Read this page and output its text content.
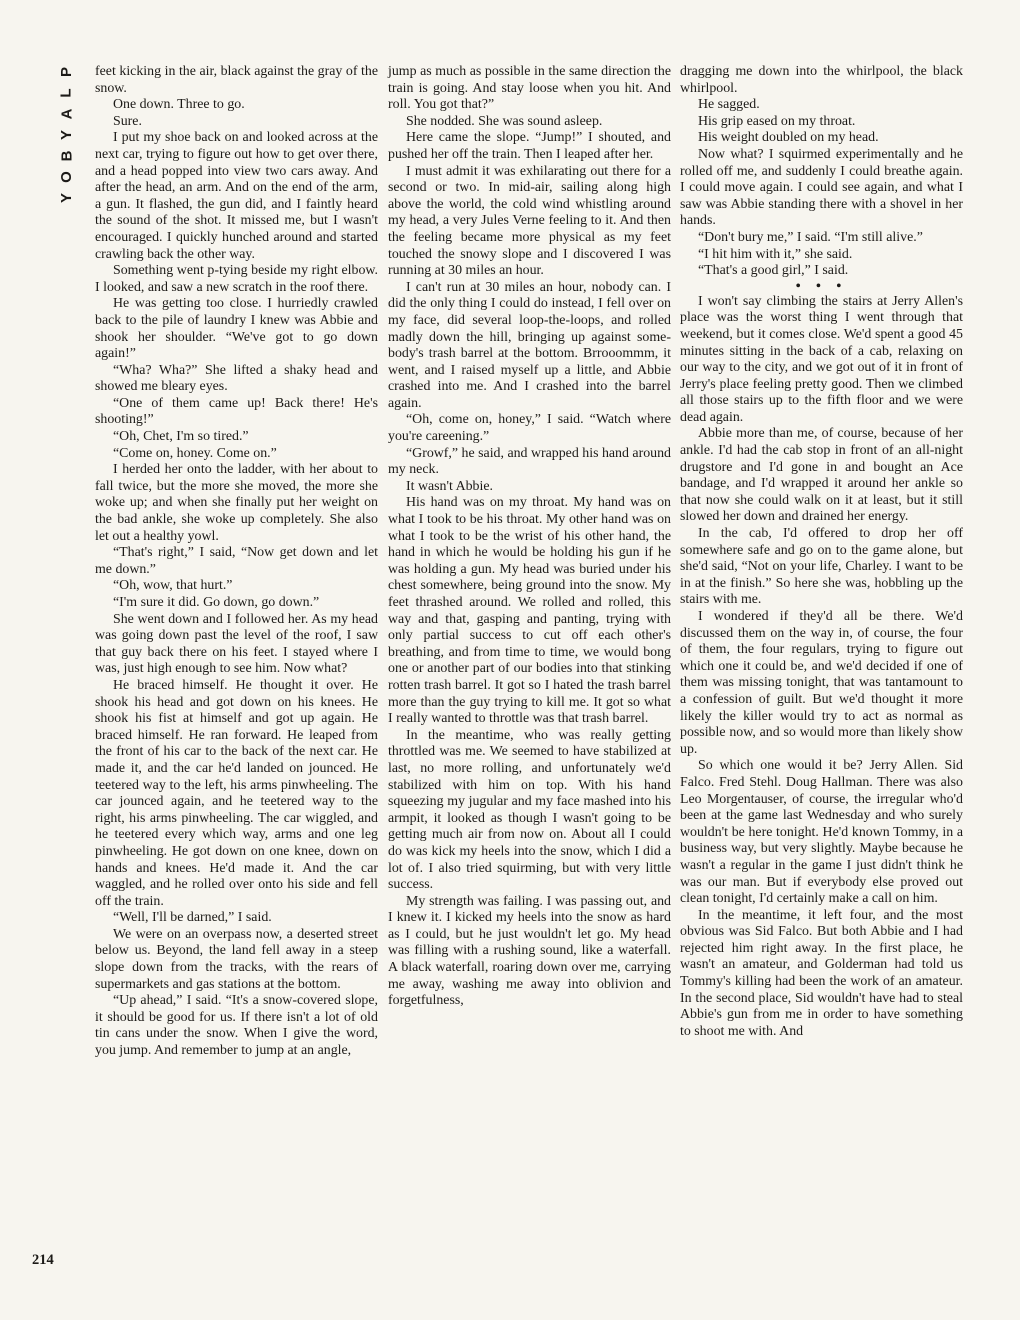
P
L
A
Y
B
O
Y

feet kicking in the air, black against the gray of the snow.

One down. Three to go.

Sure.

I put my shoe back on and looked across at the next car, trying to figure out how to get over there, and a head popped into view two cars away. And after the head, an arm. And on the end of the arm, a gun. It flashed, the gun did, and I faintly heard the sound of the shot. It missed me, but I wasn't encouraged. I quickly hunched around and started crawling back the other way.

Something went p-tying beside my right elbow. I looked, and saw a new scratch in the roof there.

He was getting too close. I hurriedly crawled back to the pile of laundry I knew was Abbie and shook her shoulder. “We've got to go down again!”

“Wha? Wha?” She lifted a shaky head and showed me bleary eyes.

“One of them came up! Back there! He's shooting!”

“Oh, Chet, I'm so tired.”

“Come on, honey. Come on.”

I herded her onto the ladder, with her about to fall twice, but the more she moved, the more she woke up; and when she finally put her weight on the bad ankle, she woke up completely. She also let out a healthy yowl.

“That's right,” I said, “Now get down and let me down.”

“Oh, wow, that hurt.”

“I'm sure it did. Go down, go down.”

She went down and I followed her. As my head was going down past the level of the roof, I saw that guy back there on his feet. I stayed where I was, just high enough to see him. Now what?

He braced himself. He thought it over. He shook his head and got down on his knees. He shook his fist at himself and got up again. He braced himself. He ran forward. He leaped from the front of his car to the back of the next car. He made it, and the car he'd landed on jounced. He teetered way to the left, his arms pinwheeling. The car jounced again, and he teetered way to the right, his arms pinwheeling. The car wiggled, and he teetered every which way, arms and one leg pinwheeling. He got down on one knee, down on hands and knees. He'd made it. And the car waggled, and he rolled over onto his side and fell off the train.

“Well, I'll be darned,” I said.

We were on an overpass now, a deserted street below us. Beyond, the land fell away in a steep slope down from the tracks, with the rears of supermarkets and gas stations at the bottom.

“Up ahead,” I said. “It's a snow-covered slope, it should be good for us. If there isn't a lot of old tin cans under the snow. When I give the word, you jump. And remember to jump at an angle,

jump as much as possible in the same direction the train is going. And stay loose when you hit. And roll. You got that?”

She nodded. She was sound asleep.

Here came the slope. “Jump!” I shouted, and pushed her off the train. Then I leaped after her.

I must admit it was exhilarating out there for a second or two. In mid-air, sailing along high above the world, the cold wind whistling around my head, a very Jules Verne feeling to it. And then the feeling became more physical as my feet touched the snowy slope and I discovered I was running at 30 miles an hour.

I can't run at 30 miles an hour, nobody can. I did the only thing I could do instead, I fell over on my face, did several loop-the-loops, and rolled madly down the hill, bringing up against somebody's trash barrel at the bottom. Brrooommm, it went, and I raised myself up a little, and Abbie crashed into me. And I crashed into the barrel again.

“Oh, come on, honey,” I said. “Watch where you're careening.”

“Growf,” he said, and wrapped his hand around my neck.

It wasn't Abbie.

His hand was on my throat. My hand was on what I took to be his throat. My other hand was on what I took to be the wrist of his other hand, the hand in which he would be holding his gun if he was holding a gun. My head was buried under his chest somewhere, being ground into the snow. My feet thrashed around. We rolled and rolled, this way and that, gasping and panting, trying with only partial success to cut off each other's breathing, and from time to time, we would bong one or another part of our bodies into that stinking rotten trash barrel. It got so I hated the trash barrel more than the guy trying to kill me. It got so what I really wanted to throttle was that trash barrel.

In the meantime, who was really getting throttled was me. We seemed to have stabilized at last, no more rolling, and unfortunately we'd stabilized with him on top. With his hand squeezing my jugular and my face mashed into his armpit, it looked as though I wasn't going to be getting much air from now on. About all I could do was kick my heels into the snow, which I did a lot of. I also tried squirming, but with very little success.

My strength was failing. I was passing out, and I knew it. I kicked my heels into the snow as hard as I could, but he just wouldn't let go. My head was filling with a rushing sound, like a waterfall. A black waterfall, roaring down over me, carrying me away, washing me away into oblivion and forgetfulness,

dragging me down into the whirlpool, the black whirlpool.

He sagged.

His grip eased on my throat.

His weight doubled on my head.

Now what? I squirmed experimentally and he rolled off me, and suddenly I could breathe again. I could move again. I could see again, and what I saw was Abbie standing there with a shovel in her hands.

“Don't bury me,” I said. “I'm still alive.”

“I hit him with it,” she said.

“That's a good girl,” I said.

• • •

I won't say climbing the stairs at Jerry Allen's place was the worst thing I went through that weekend, but it comes close. We'd spent a good 45 minutes sitting in the back of a cab, relaxing on our way to the city, and we got out of it in front of Jerry's place feeling pretty good. Then we climbed all those stairs up to the fifth floor and we were dead again.

Abbie more than me, of course, because of her ankle. I'd had the cab stop in front of an all-night drugstore and I'd gone in and bought an Ace bandage, and I'd wrapped it around her ankle so that now she could walk on it at least, but it still slowed her down and drained her energy.

In the cab, I'd offered to drop her off somewhere safe and go on to the game alone, but she'd said, “Not on your life, Charley. I want to be in at the finish.” So here she was, hobbling up the stairs with me.

I wondered if they'd all be there. We'd discussed them on the way in, of course, the four of them, the four regulars, trying to figure out which one it could be, and we'd decided if one of them was missing tonight, that was tantamount to a confession of guilt. But we'd thought it more likely the killer would try to act as normal as possible now, and so would more than likely show up.

So which one would it be? Jerry Allen. Sid Falco. Fred Stehl. Doug Hallman. There was also Leo Morgentauser, of course, the irregular who'd been at the game last Wednesday and who surely wouldn't be here tonight. He'd known Tommy, in a business way, but very slightly. Maybe because he wasn't a regular in the game I just didn't think he was our man. But if everybody else proved out clean tonight, I'd certainly make a call on him.

In the meantime, it left four, and the most obvious was Sid Falco. But both Abbie and I had rejected him right away. In the first place, he wasn't an amateur, and Golderman had told us Tommy's killing had been the work of an amateur. In the second place, Sid wouldn't have had to steal Abbie's gun from me in order to have something to shoot me with. And

214
